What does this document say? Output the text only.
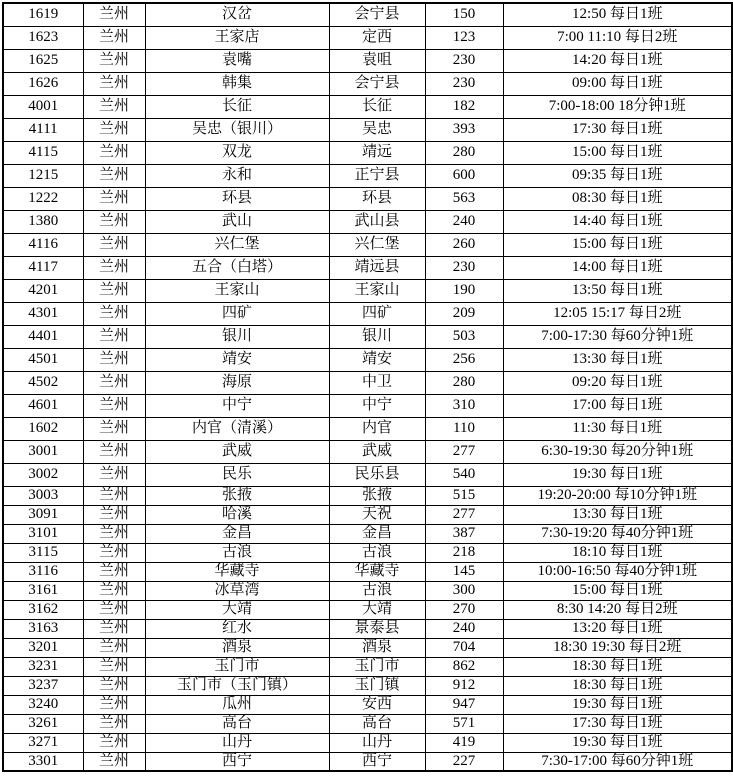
1619	兰州	汉岔	会宁县	150	12:50 每日1班
1623	兰州	王家店	定西	123	7:00 11:10 每日2班
1625	兰州	袁嘴	袁咀	230	14:20 每日1班
1626	兰州	韩集	会宁县	230	09:00 每日1班
4001	兰州	长征	长征	182	7:00-18:00 18分钟1班
4111	兰州	吴忠（银川）	吴忠	393	17:30 每日1班
4115	兰州	双龙	靖远	280	15:00 每日1班
1215	兰州	永和	正宁县	600	09:35 每日1班
1222	兰州	环县	环县	563	08:30 每日1班
1380	兰州	武山	武山县	240	14:40 每日1班
4116	兰州	兴仁堡	兴仁堡	260	15:00 每日1班
4117	兰州	五合（白塔）	靖远县	230	14:00 每日1班
4201	兰州	王家山	王家山	190	13:50 每日1班
4301	兰州	四矿	四矿	209	12:05 15:17 每日2班
4401	兰州	银川	银川	503	7:00-17:30 每60分钟1班
4501	兰州	靖安	靖安	256	13:30 每日1班
4502	兰州	海原	中卫	280	09:20 每日1班
4601	兰州	中宁	中宁	310	17:00 每日1班
1602	兰州	内官（清溪）	内官	110	11:30 每日1班
3001	兰州	武威	武威	277	6:30-19:30 每20分钟1班
3002	兰州	民乐	民乐县	540	19:30 每日1班
3003	兰州	张掖	张掖	515	19:20-20:00 每10分钟1班
3091	兰州	哈溪	天祝	277	13:30 每日1班
3101	兰州	金昌	金昌	387	7:30-19:20 每40分钟1班
3115	兰州	古浪	古浪	218	18:10 每日1班
3116	兰州	华藏寺	华藏寺	145	10:00-16:50 每40分钟1班
3161	兰州	冰草湾	古浪	300	15:00 每日1班
3162	兰州	大靖	大靖	270	8:30 14:20 每日2班
3163	兰州	红水	景泰县	240	13:20 每日1班
3201	兰州	酒泉	酒泉	704	18:30 19:30 每日2班
3231	兰州	玉门市	玉门市	862	18:30 每日1班
3237	兰州	玉门市（玉门镇）	玉门镇	912	18:30 每日1班
3240	兰州	瓜州	安西	947	19:30 每日1班
3261	兰州	高台	高台	571	17:30 每日1班
3271	兰州	山丹	山丹	419	19:30 每日1班
3301	兰州	西宁	西宁	227	7:30-17:00 每60分钟1班
